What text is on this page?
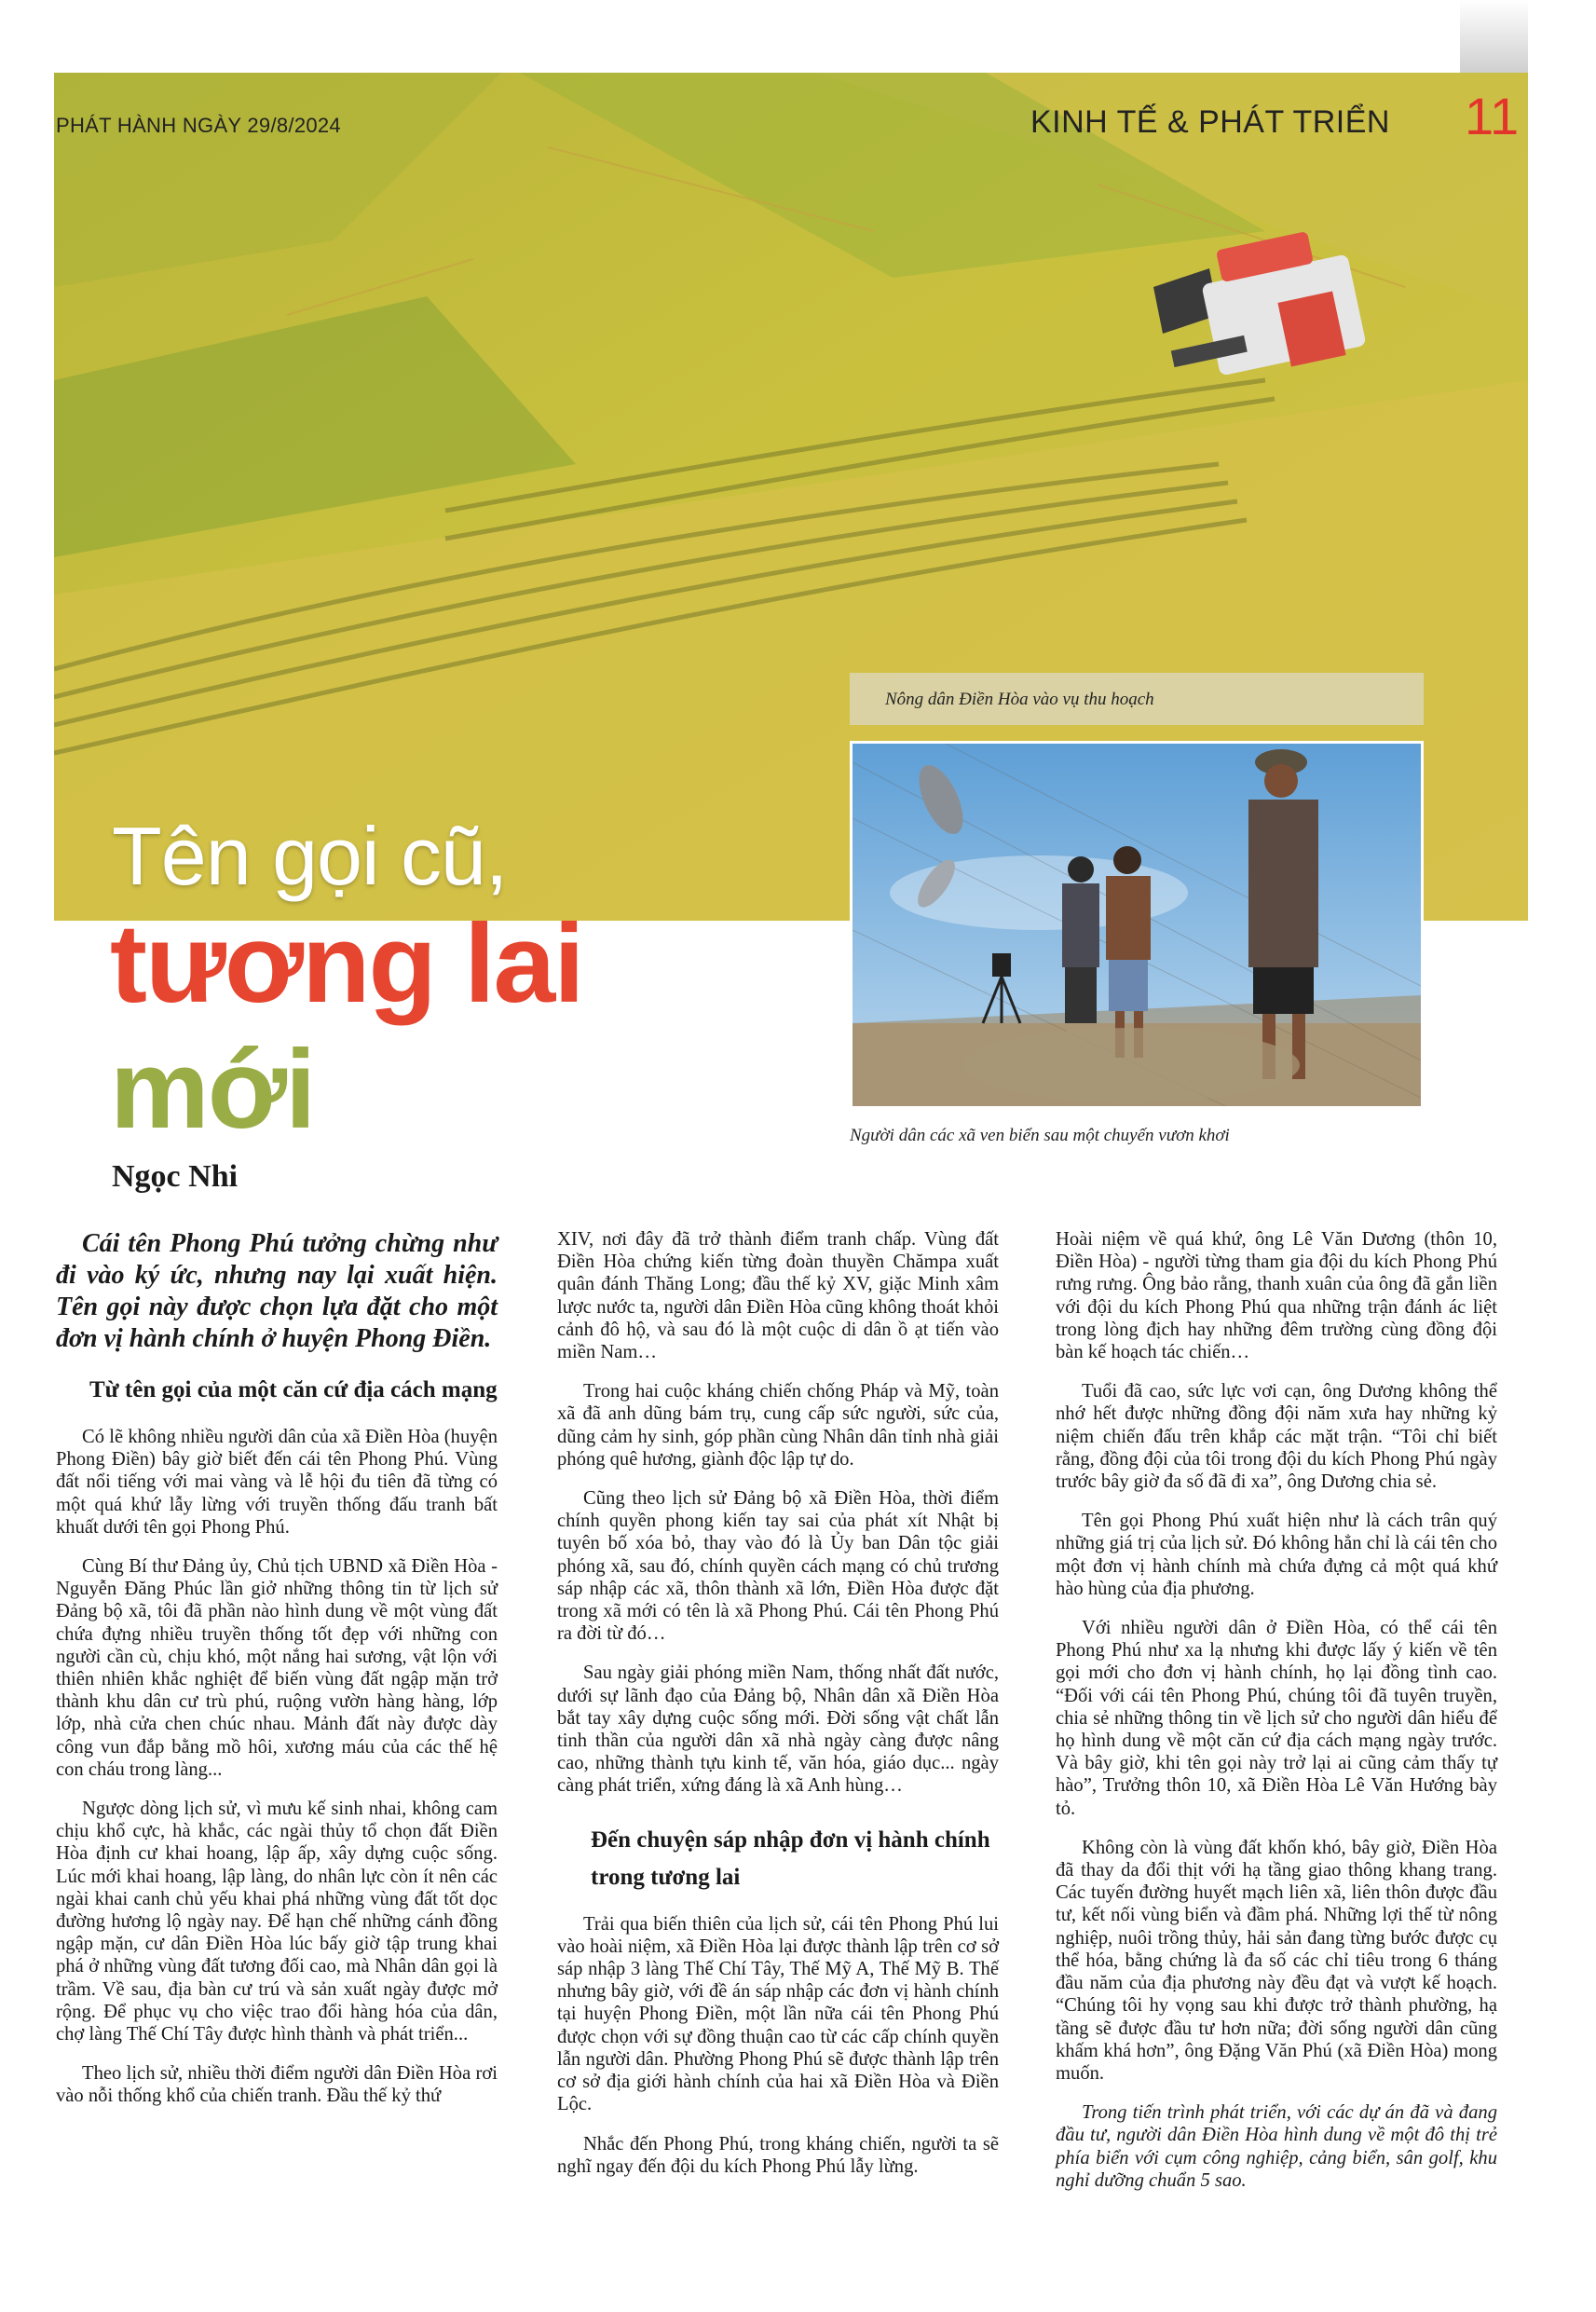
PHÁT HÀNH NGÀY 29/8/2024	KINH TẾ & PHÁT TRIỂN 11
Nông dân Điền Hòa vào vụ thu hoạch
Người dân các xã ven biển sau một chuyến vươn khơi
Tên gọi cũ,
tương lai
mới
Ngọc Nhi

Cái tên Phong Phú tưởng chừng như đi vào ký ức, nhưng nay lại xuất hiện. Tên gọi này được chọn lựa đặt cho một đơn vị hành chính ở huyện Phong Điền.

Từ tên gọi của một căn cứ địa cách mạng

Có lẽ không nhiều người dân của xã Điền Hòa (huyện Phong Điền) bây giờ biết đến cái tên Phong Phú. Vùng đất nổi tiếng với mai vàng và lễ hội đu tiên đã từng có một quá khứ lẫy lừng với truyền thống đấu tranh bất khuất dưới tên gọi Phong Phú.

Cùng Bí thư Đảng ủy, Chủ tịch UBND xã Điền Hòa - Nguyễn Đăng Phúc lần giở những thông tin từ lịch sử Đảng bộ xã, tôi đã phần nào hình dung về một vùng đất chứa đựng nhiều truyền thống tốt đẹp với những con người cần cù, chịu khó, một nắng hai sương, vật lộn với thiên nhiên khắc nghiệt để biến vùng đất ngập mặn trở thành khu dân cư trù phú, ruộng vườn hàng hàng, lớp lớp, nhà cửa chen chúc nhau. Mảnh đất này được dày công vun đắp bằng mồ hôi, xương máu của các thế hệ con cháu trong làng...

Ngược dòng lịch sử, vì mưu kế sinh nhai, không cam chịu khổ cực, hà khắc, các ngài thủy tổ chọn đất Điền Hòa định cư khai hoang, lập ấp, xây dựng cuộc sống. Lúc mới khai hoang, lập làng, do nhân lực còn ít nên các ngài khai canh chủ yếu khai phá những vùng đất tốt dọc đường hương lộ ngày nay. Để hạn chế những cánh đồng ngập mặn, cư dân Điền Hòa lúc bấy giờ tập trung khai phá ở những vùng đất tương đối cao, mà Nhân dân gọi là trầm. Về sau, địa bàn cư trú và sản xuất ngày được mở rộng. Để phục vụ cho việc trao đổi hàng hóa của dân, chợ làng Thế Chí Tây được hình thành và phát triển...

Theo lịch sử, nhiều thời điểm người dân Điền Hòa rơi vào nỗi thống khổ của chiến tranh. Đầu thế kỷ thứ

XIV, nơi đây đã trở thành điểm tranh chấp. Vùng đất Điền Hòa chứng kiến từng đoàn thuyền Chămpa xuất quân đánh Thăng Long; đầu thế kỷ XV, giặc Minh xâm lược nước ta, người dân Điền Hòa cũng không thoát khỏi cảnh đô hộ, và sau đó là một cuộc di dân ồ ạt tiến vào miền Nam…

Trong hai cuộc kháng chiến chống Pháp và Mỹ, toàn xã đã anh dũng bám trụ, cung cấp sức người, sức của, dũng cảm hy sinh, góp phần cùng Nhân dân tỉnh nhà giải phóng quê hương, giành độc lập tự do.

Cũng theo lịch sử Đảng bộ xã Điền Hòa, thời điểm chính quyền phong kiến tay sai của phát xít Nhật bị tuyên bố xóa bỏ, thay vào đó là Ủy ban Dân tộc giải phóng xã, sau đó, chính quyền cách mạng có chủ trương sáp nhập các xã, thôn thành xã lớn, Điền Hòa được đặt trong xã mới có tên là xã Phong Phú. Cái tên Phong Phú ra đời từ đó…

Sau ngày giải phóng miền Nam, thống nhất đất nước, dưới sự lãnh đạo của Đảng bộ, Nhân dân xã Điền Hòa bắt tay xây dựng cuộc sống mới. Đời sống vật chất lẫn tinh thần của người dân xã nhà ngày càng được nâng cao, những thành tựu kinh tế, văn hóa, giáo dục... ngày càng phát triển, xứng đáng là xã Anh hùng…

Đến chuyện sáp nhập đơn vị hành chính trong tương lai

Trải qua biến thiên của lịch sử, cái tên Phong Phú lui vào hoài niệm, xã Điền Hòa lại được thành lập trên cơ sở sáp nhập 3 làng Thế Chí Tây, Thế Mỹ A, Thế Mỹ B. Thế nhưng bây giờ, với đề án sáp nhập các đơn vị hành chính tại huyện Phong Điền, một lần nữa cái tên Phong Phú được chọn với sự đồng thuận cao từ các cấp chính quyền lẫn người dân. Phường Phong Phú sẽ được thành lập trên cơ sở địa giới hành chính của hai xã Điền Hòa và Điền Lộc.

Nhắc đến Phong Phú, trong kháng chiến, người ta sẽ nghĩ ngay đến đội du kích Phong Phú lẫy lừng.

Hoài niệm về quá khứ, ông Lê Văn Dương (thôn 10, Điền Hòa) - người từng tham gia đội du kích Phong Phú rưng rưng. Ông bảo rằng, thanh xuân của ông đã gắn liền với đội du kích Phong Phú qua những trận đánh ác liệt trong lòng địch hay những đêm trường cùng đồng đội bàn kế hoạch tác chiến…

Tuổi đã cao, sức lực vơi cạn, ông Dương không thể nhớ hết được những đồng đội năm xưa hay những kỷ niệm chiến đấu trên khắp các mặt trận. “Tôi chỉ biết rằng, đồng đội của tôi trong đội du kích Phong Phú ngày trước bây giờ đa số đã đi xa”, ông Dương chia sẻ.

Tên gọi Phong Phú xuất hiện như là cách trân quý những giá trị của lịch sử. Đó không hẳn chỉ là cái tên cho một đơn vị hành chính mà chứa đựng cả một quá khứ hào hùng của địa phương.

Với nhiều người dân ở Điền Hòa, có thể cái tên Phong Phú như xa lạ nhưng khi được lấy ý kiến về tên gọi mới cho đơn vị hành chính, họ lại đồng tình cao. “Đối với cái tên Phong Phú, chúng tôi đã tuyên truyền, chia sẻ những thông tin về lịch sử cho người dân hiểu để họ hình dung về một căn cứ địa cách mạng ngày trước. Và bây giờ, khi tên gọi này trở lại ai cũng cảm thấy tự hào”, Trưởng thôn 10, xã Điền Hòa Lê Văn Hướng bày tỏ.

Không còn là vùng đất khốn khó, bây giờ, Điền Hòa đã thay da đổi thịt với hạ tầng giao thông khang trang. Các tuyến đường huyết mạch liên xã, liên thôn được đầu tư, kết nối vùng biển và đầm phá. Những lợi thế từ nông nghiệp, nuôi trồng thủy, hải sản đang từng bước được cụ thể hóa, bằng chứng là đa số các chỉ tiêu trong 6 tháng đầu năm của địa phương này đều đạt và vượt kế hoạch. “Chúng tôi hy vọng sau khi được trở thành phường, hạ tầng sẽ được đầu tư hơn nữa; đời sống người dân cũng khấm khá hơn”, ông Đặng Văn Phú (xã Điền Hòa) mong muốn.

Trong tiến trình phát triển, với các dự án đã và đang đầu tư, người dân Điền Hòa hình dung về một đô thị trẻ phía biển với cụm công nghiệp, cảng biển, sân golf, khu nghỉ dưỡng chuẩn 5 sao.
